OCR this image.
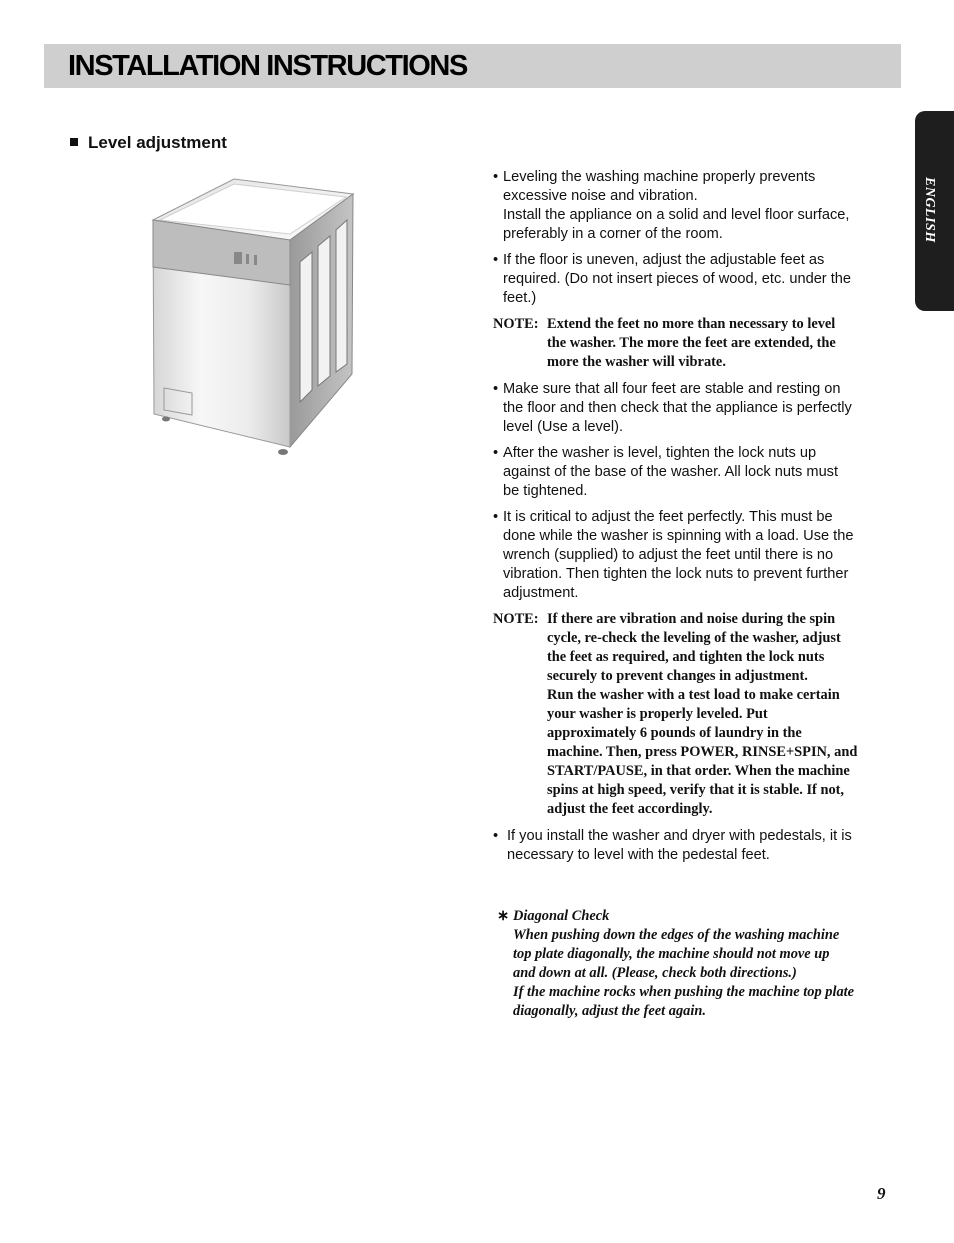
INSTALLATION INSTRUCTIONS
ENGLISH
Level adjustment

• Leveling the washing machine properly prevents
excessive noise and vibration.
Install the appliance on a solid and level floor surface,
preferably in a corner of the room.

• If the floor is uneven, adjust the adjustable feet as
required. (Do not insert pieces of wood, etc. under the
feet.)

NOTE: Extend the feet no more than necessary to level
the washer. The more the feet are extended, the
more the washer will vibrate.

• Make sure that all four feet are stable and resting on
the floor and then check that the appliance is perfectly
level (Use a level).

• After the washer is level, tighten the lock nuts up
against of the base of the washer. All lock nuts must
be tightened.

• It is critical to adjust the feet perfectly. This must be
done while the washer is spinning with a load. Use the
wrench (supplied) to adjust the feet until there is no
vibration. Then tighten the lock nuts to prevent further
adjustment.

NOTE: If there are vibration and noise during the spin
cycle, re-check the leveling of the washer, adjust
the feet as required, and tighten the lock nuts
securely to prevent changes in adjustment.
Run the washer with a test load to make certain
your washer is properly leveled. Put
approximately 6 pounds of laundry in the
machine. Then, press POWER, RINSE+SPIN, and
START/PAUSE, in that order. When the machine
spins at high speed, verify that it is stable. If not,
adjust the feet accordingly.

• If you install the washer and dryer with pedestals, it is
necessary to level with the pedestal feet.

∗ Diagonal Check
When pushing down the edges of the washing machine
top plate diagonally, the machine should not move up
and down at all. (Please, check both directions.)
If the machine rocks when pushing the machine top plate
diagonally, adjust the feet again.
9
